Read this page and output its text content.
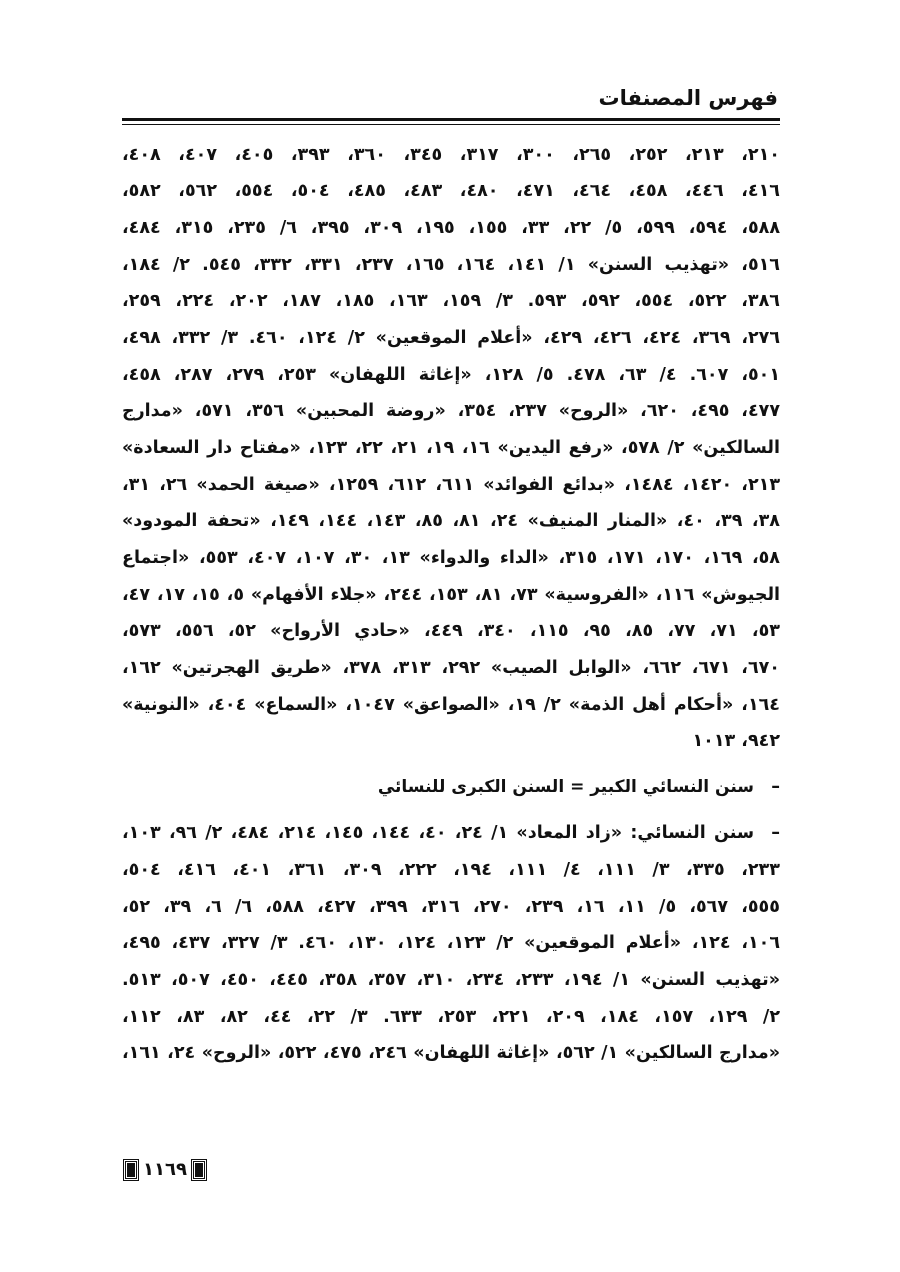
فهرس المصنفات
٢١٠، ٢١٣، ٢٥٢، ٢٦٥، ٣٠٠، ٣١٧، ٣٤٥، ٣٦٠، ٣٩٣، ٤٠٥، ٤٠٧، ٤٠٨،
٤١٦، ٤٤٦، ٤٥٨، ٤٦٤، ٤٧١، ٤٨٠، ٤٨٣، ٤٨٥، ٥٠٤، ٥٥٤، ٥٦٢، ٥٨٢،
٥٨٨، ٥٩٤، ٥٩٩، ٥/ ٢٢، ٣٣، ١٥٥، ١٩٥، ٣٠٩، ٣٩٥، ٦/ ٢٣٥، ٣١٥، ٤٨٤،
٥١٦، «تهذيب السنن» ١/ ١٤١، ١٦٤، ١٦٥، ٢٣٧، ٣٣١، ٣٣٢، ٥٤٥. ٢/ ١٨٤،
٣٨٦، ٥٢٢، ٥٥٤، ٥٩٢، ٥٩٣. ٣/ ١٥٩، ١٦٣، ١٨٥، ١٨٧، ٢٠٢، ٢٢٤، ٢٥٩،
٢٧٦، ٣٦٩، ٤٢٤، ٤٢٦، ٤٢٩، «أعلام الموقعين» ٢/ ١٢٤، ٤٦٠. ٣/ ٣٣٢، ٤٩٨،
٥٠١، ٦٠٧. ٤/ ٦٣، ٤٧٨. ٥/ ١٢٨، «إغاثة اللهفان» ٢٥٣، ٢٧٩، ٢٨٧، ٤٥٨،
٤٧٧، ٤٩٥، ٦٢٠، «الروح» ٢٣٧، ٣٥٤، «روضة المحبين» ٣٥٦، ٥٧١، «مدارج
السالكين» ٢/ ٥٧٨، «رفع اليدين» ١٦، ١٩، ٢١، ٢٢، ١٢٣، «مفتاح دار السعادة»
٢١٣، ١٤٢٠، ١٤٨٤، «بدائع الفوائد» ٦١١، ٦١٢، ١٢٥٩، «صيغة الحمد» ٢٦، ٣١،
٣٨، ٣٩، ٤٠، «المنار المنيف» ٢٤، ٨١، ٨٥، ١٤٣، ١٤٤، ١٤٩، «تحفة المودود»
٥٨، ١٦٩، ١٧٠، ١٧١، ٣١٥، «الداء والدواء» ١٣، ٣٠، ١٠٧، ٤٠٧، ٥٥٣، «اجتماع
الجيوش» ١١٦، «الفروسية» ٧٣، ٨١، ١٥٣، ٢٤٤، «جلاء الأفهام» ٥، ١٥، ١٧، ٤٧،
٥٣، ٧١، ٧٧، ٨٥، ٩٥، ١١٥، ٣٤٠، ٤٤٩، «حادي الأرواح» ٥٢، ٥٥٦، ٥٧٣،
٦٧٠، ٦٧١، ٦٦٢، «الوابل الصيب» ٢٩٢، ٣١٣، ٣٧٨، «طريق الهجرتين» ١٦٢،
١٦٤، «أحكام أهل الذمة» ٢/ ١٩، «الصواعق» ١٠٤٧، «السماع» ٤٠٤، «النونية»
٩٤٢، ١٠١٣
–سنن النسائي الكبير = السنن الكبرى للنسائي
–سنن النسائي: «زاد المعاد» ١/ ٢٤، ٤٠، ١٤٤، ١٤٥، ٢١٤، ٤٨٤، ٢/ ٩٦، ١٠٣،
٢٣٣، ٣٣٥، ٣/ ١١١، ٤/ ١١١، ١٩٤، ٢٢٢، ٣٠٩، ٣٦١، ٤٠١، ٤١٦، ٥٠٤،
٥٥٥، ٥٦٧، ٥/ ١١، ١٦، ٢٣٩، ٢٧٠، ٣١٦، ٣٩٩، ٤٢٧، ٥٨٨، ٦/ ٦، ٣٩، ٥٢،
١٠٦، ١٢٤، «أعلام الموقعين» ٢/ ١٢٣، ١٢٤، ١٣٠، ٤٦٠. ٣/ ٣٢٧، ٤٣٧، ٤٩٥،
«تهذيب السنن» ١/ ١٩٤، ٢٣٣، ٢٣٤، ٣١٠، ٣٥٧، ٣٥٨، ٤٤٥، ٤٥٠، ٥٠٧، ٥١٣.
٢/ ١٢٩، ١٥٧، ١٨٤، ٢٠٩، ٢٢١، ٢٥٣، ٦٣٣. ٣/ ٢٢، ٤٤، ٨٢، ٨٣، ١١٢،
«مدارج السالكين» ١/ ٥٦٢، «إغاثة اللهفان» ٢٤٦، ٤٧٥، ٥٢٢، «الروح» ٢٤، ١٦١،
١١٦٩
